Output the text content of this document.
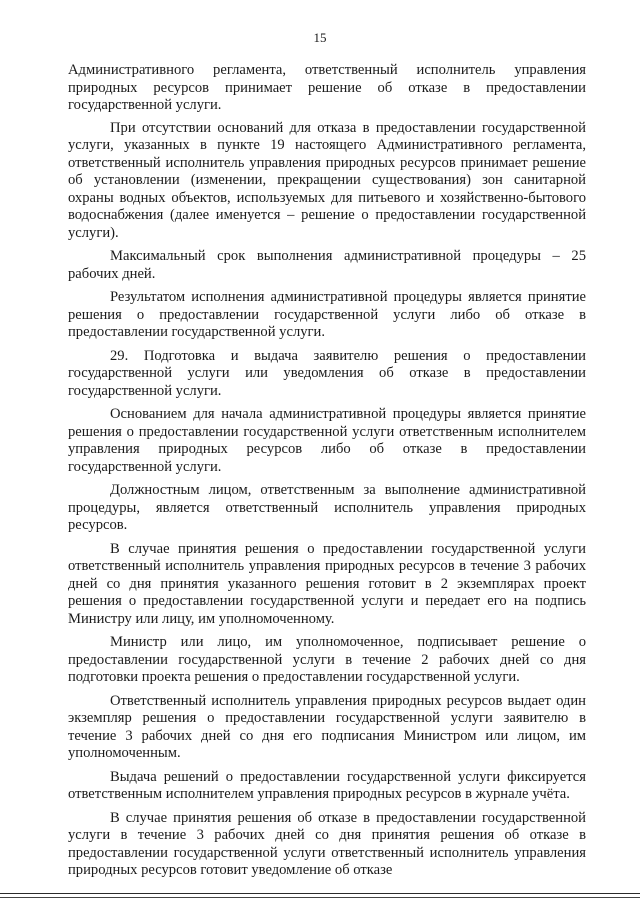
15

Административного регламента, ответственный исполнитель управления природных ресурсов принимает решение об отказе в предоставлении государственной услуги.

При отсутствии оснований для отказа в предоставлении государственной услуги, указанных в пункте 19 настоящего Административного регламента, ответственный исполнитель управления природных ресурсов принимает решение об установлении (изменении, прекращении существования) зон санитарной охраны водных объектов, используемых для питьевого и хозяйственно-бытового водоснабжения (далее именуется – решение о предоставлении государственной услуги).

Максимальный срок выполнения административной процедуры – 25 рабочих дней.

Результатом исполнения административной процедуры является принятие решения о предоставлении государственной услуги либо об отказе в предоставлении государственной услуги.

29. Подготовка и выдача заявителю решения о предоставлении государственной услуги или уведомления об отказе в предоставлении государственной услуги.

Основанием для начала административной процедуры является принятие решения о предоставлении государственной услуги ответственным исполнителем управления природных ресурсов либо об отказе в предоставлении государственной услуги.

Должностным лицом, ответственным за выполнение административной процедуры, является ответственный исполнитель управления природных ресурсов.

В случае принятия решения о предоставлении государственной услуги ответственный исполнитель управления природных ресурсов в течение 3 рабочих дней со дня принятия указанного решения готовит в 2 экземплярах проект решения о предоставлении государственной услуги и передает его на подпись Министру или лицу, им уполномоченному.

Министр или лицо, им уполномоченное, подписывает решение о предоставлении государственной услуги в течение 2 рабочих дней со дня подготовки проекта решения о предоставлении государственной услуги.

Ответственный исполнитель управления природных ресурсов выдает один экземпляр решения о предоставлении государственной услуги заявителю в течение 3 рабочих дней со дня его подписания Министром или лицом, им уполномоченным.

Выдача решений о предоставлении государственной услуги фиксируется ответственным исполнителем управления природных ресурсов в журнале учёта.

В случае принятия решения об отказе в предоставлении государственной услуги в течение 3 рабочих дней со дня принятия решения об отказе в предоставлении государственной услуги ответственный исполнитель управления природных ресурсов готовит уведомление об отказе
